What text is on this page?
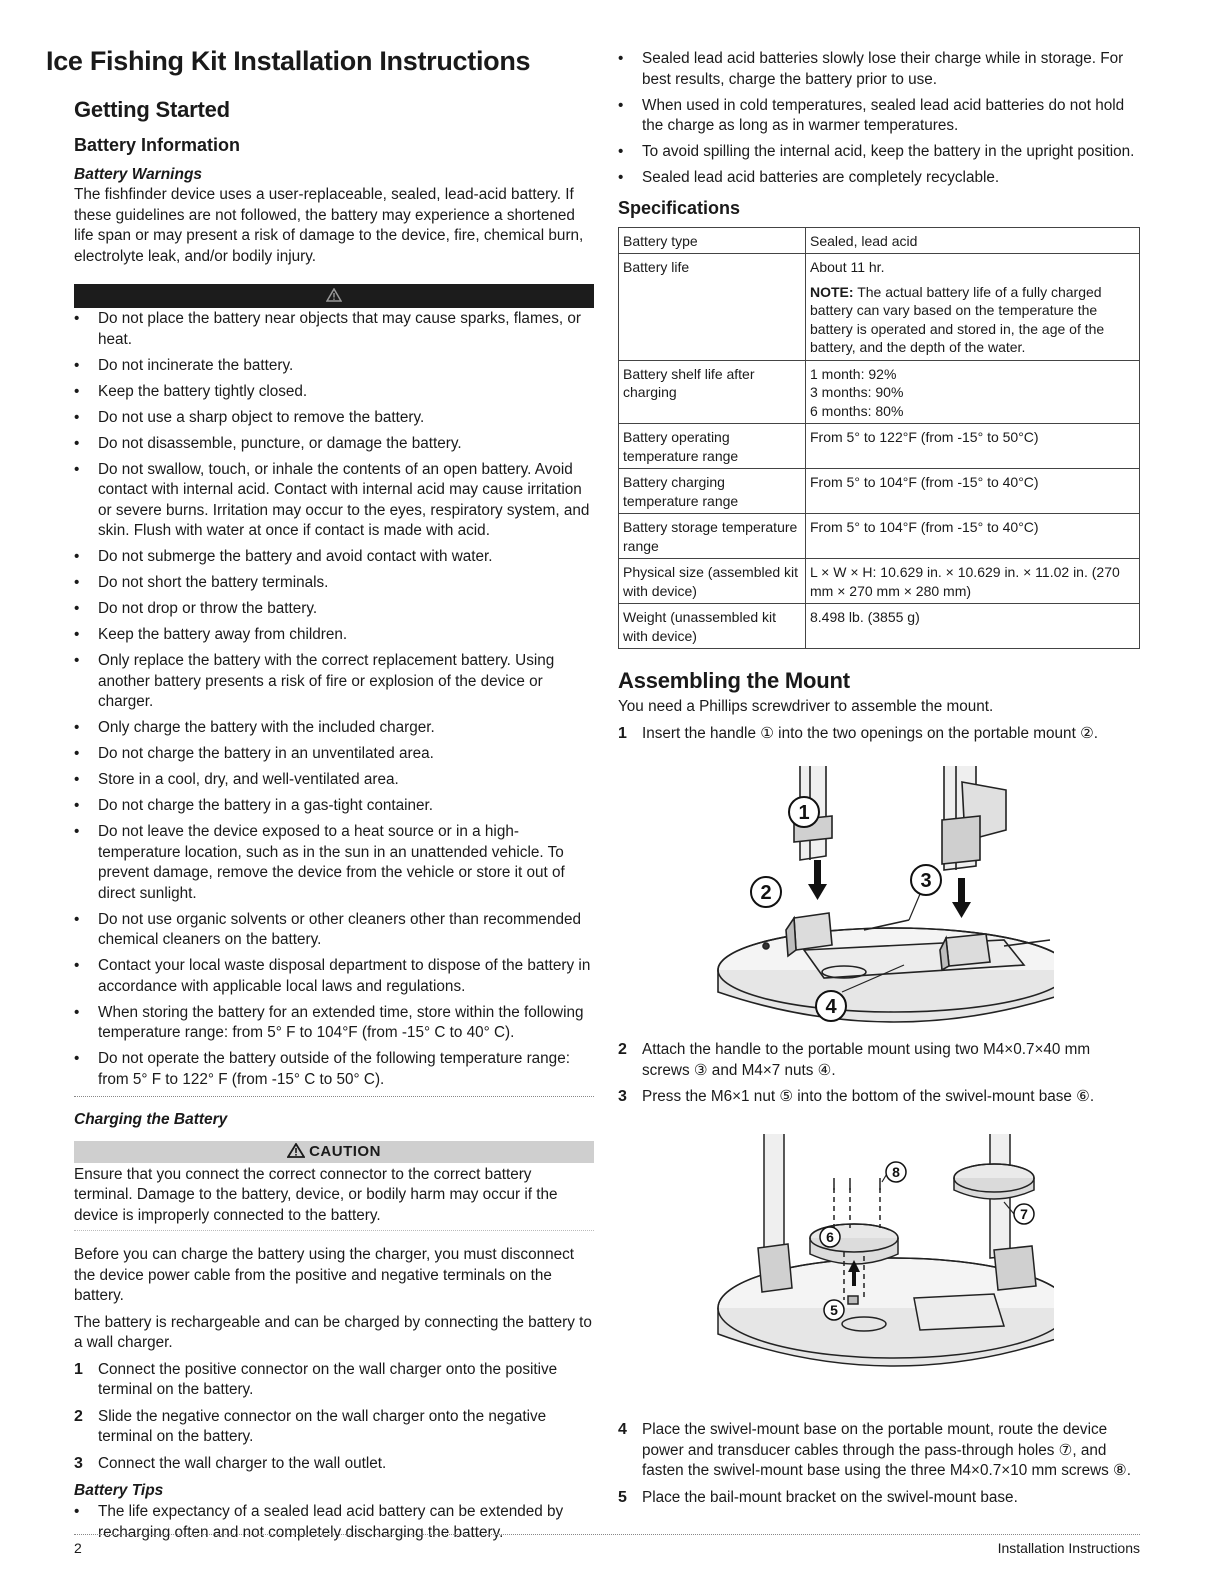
Ice Fishing Kit Installation Instructions
Getting Started
Battery Information
Battery Warnings

The fishfinder device uses a user-replaceable, sealed, lead-acid battery. If these guidelines are not followed, the battery may experience a shortened life span or may present a risk of damage to the device, fire, chemical burn, electrolyte leak, and/or bodily injury.

• Do not place the battery near objects that may cause sparks, flames, or heat.
• Do not incinerate the battery.
• Keep the battery tightly closed.
• Do not use a sharp object to remove the battery.
• Do not disassemble, puncture, or damage the battery.
• Do not swallow, touch, or inhale the contents of an open battery. Avoid contact with internal acid. Contact with internal acid may cause irritation or severe burns. Irritation may occur to the eyes, respiratory system, and skin. Flush with water at once if contact is made with acid.
• Do not submerge the battery and avoid contact with water.
• Do not short the battery terminals.
• Do not drop or throw the battery.
• Keep the battery away from children.
• Only replace the battery with the correct replacement battery. Using another battery presents a risk of fire or explosion of the device or charger.
• Only charge the battery with the included charger.
• Do not charge the battery in an unventilated area.
• Store in a cool, dry, and well-ventilated area.
• Do not charge the battery in a gas-tight container.
• Do not leave the device exposed to a heat source or in a high-temperature location, such as in the sun in an unattended vehicle. To prevent damage, remove the device from the vehicle or store it out of direct sunlight.
• Do not use organic solvents or other cleaners other than recommended chemical cleaners on the battery.
• Contact your local waste disposal department to dispose of the battery in accordance with applicable local laws and regulations.
• When storing the battery for an extended time, store within the following temperature range: from 5° F to 104°F (from -15° C to 40° C).
• Do not operate the battery outside of the following temperature range: from 5° F to 122° F (from -15° C to 50° C).
Charging the Battery
CAUTION

Ensure that you connect the correct connector to the correct battery terminal. Damage to the battery, device, or bodily harm may occur if the device is improperly connected to the battery.

Before you can charge the battery using the charger, you must disconnect the device power cable from the positive and negative terminals on the battery.

The battery is rechargeable and can be charged by connecting the battery to a wall charger.

1 Connect the positive connector on the wall charger onto the positive terminal on the battery.
2 Slide the negative connector on the wall charger onto the negative terminal on the battery.
3 Connect the wall charger to the wall outlet.
Battery Tips
• The life expectancy of a sealed lead acid battery can be extended by recharging often and not completely discharging the battery.
• Sealed lead acid batteries slowly lose their charge while in storage. For best results, charge the battery prior to use.
• When used in cold temperatures, sealed lead acid batteries do not hold the charge as long as in warmer temperatures.
• To avoid spilling the internal acid, keep the battery in the upright position.
• Sealed lead acid batteries are completely recyclable.
Specifications
Battery type	Sealed, lead acid

Battery life	About 11 hr.
NOTE: The actual battery life of a fully charged battery can vary based on the temperature the battery is operated and stored in, the age of the battery, and the depth of the water.

Battery shelf life after charging	1 month: 92%
3 months: 90%
6 months: 80%

Battery operating temperature range	From 5° to 122°F (from -15° to 50°C)

Battery charging temperature range	From 5° to 104°F (from -15° to 40°C)

Battery storage temperature range	From 5° to 104°F (from -15° to 40°C)

Physical size (assembled kit with device)	L × W × H: 10.629 in. × 10.629 in. × 11.02 in. (270 mm × 270 mm × 280 mm)

Weight (unassembled kit with device)	8.498 lb. (3855 g)
Assembling the Mount

You need a Phillips screwdriver to assemble the mount.

1 Insert the handle ① into the two openings on the portable mount ②.
1
2
3
4
2 Attach the handle to the portable mount using two M4×0.7×40 mm screws ③ and M4×7 nuts ④.
3 Press the M6×1 nut ⑤ into the bottom of the swivel-mount base ⑥.
5
6
7
8
4 Place the swivel-mount base on the portable mount, route the device power and transducer cables through the pass-through holes ⑦, and fasten the swivel-mount base using the three M4×0.7×10 mm screws ⑧.
5 Place the bail-mount bracket on the swivel-mount base.
2	Installation Instructions
